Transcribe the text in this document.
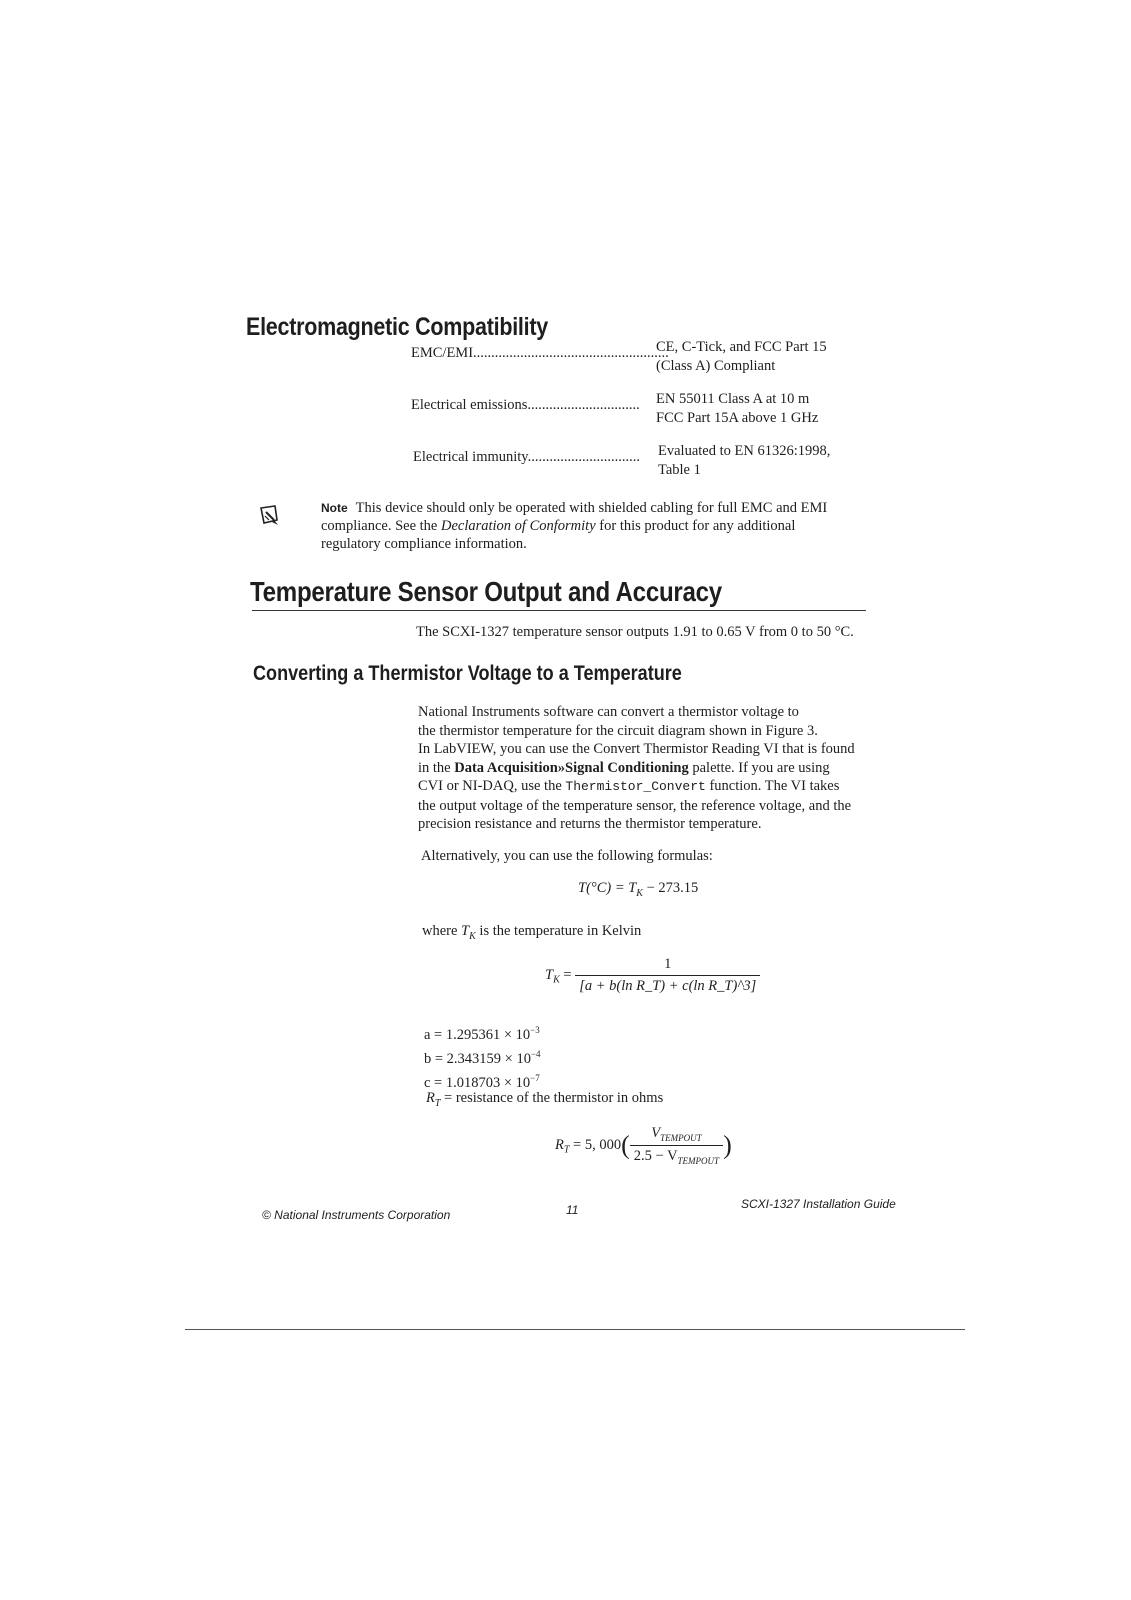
Electromagnetic Compatibility
EMC/EMI......................................................
CE, C-Tick, and FCC Part 15
(Class A) Compliant
Electrical emissions............................... EN 55011 Class A at 10 m
FCC Part 15A above 1 GHz
Electrical immunity............................... Evaluated to EN 61326:1998,
Table 1
Note This device should only be operated with shielded cabling for full EMC and EMI
compliance. See the Declaration of Conformity for this product for any additional
regulatory compliance information.
Temperature Sensor Output and Accuracy
The SCXI-1327 temperature sensor outputs 1.91 to 0.65 V from 0 to 50 °C.
Converting a Thermistor Voltage to a Temperature
National Instruments software can convert a thermistor voltage to
the thermistor temperature for the circuit diagram shown in Figure 3.
In LabVIEW, you can use the Convert Thermistor Reading VI that is found
in the Data Acquisition»Signal Conditioning palette. If you are using
CVI or NI-DAQ, use the Thermistor_Convert function. The VI takes
the output voltage of the temperature sensor, the reference voltage, and the
precision resistance and returns the thermistor temperature.
Alternatively, you can use the following formulas:
$T(^\circ C) = T_K - 273.15$
where $T_K$ is the temperature in Kelvin
$T_K = \frac{1}{\text{[a + b(ln R\_T) + c(ln R\_T)\textasciicircum{}3]}}$
$a = 1.295361 \times 10^{-3}$
$b = 2.343159 \times 10^{-4}$
$c = 1.018703 \times 10^{-7}$
$R_T$ = resistance of the thermistor in ohms
$R_T = 5$, $000( \frac{V_{TEMPOUT}}{2.5 - V_{TEMPOUT}}$ )
© National Instruments Corporation	11	SCXI-1327 Installation Guide
